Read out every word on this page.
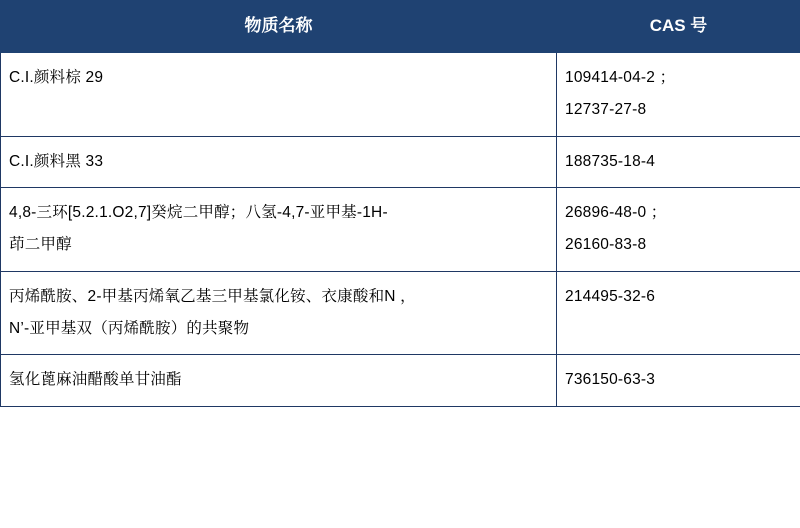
物质名称	CAS 号

C.I.颜料棕 29	109414-04-2 ；
12737-27-8

C.I.颜料黑 33	188735-18-4

4,8-三环[5.2.1.O2,7]癸烷二甲醇；八氢-4,7-亚甲基-1H-
茚二甲醇	26896-48-0 ；
26160-83-8

丙烯酰胺、2-甲基丙烯氧乙基三甲基氯化铵、衣康酸和N ，
N’-亚甲基双（丙烯酰胺）的共聚物	214495-32-6

氢化蓖麻油醋酸单甘油酯	736150-63-3
